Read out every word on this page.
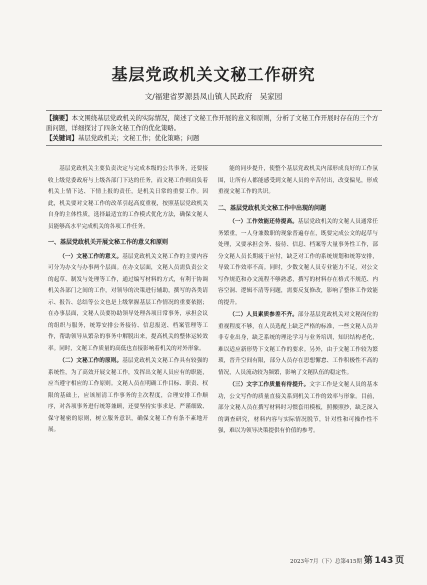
基层党政机关文秘工作研究
文/福建省罗源县凤山镇人民政府　吴家园
【摘要】本文围绕基层党政机关的实际情况，简述了文秘工作开展的意义和原则，分析了文秘工作开展时存在的三个方面问题，详细探讨了四条文秘工作的优化策略。
【关键词】基层党政机关；文秘工作；优化策略；问题

基层党政机关主要负责决定与完成本级的公共事务，还要接收上级党委政府与上级各部门下达的任务，而文秘工作则肩负着机关上情下达、下情上报的责任，是机关日常的重要工作。因此，机关要对文秘工作的改革引起高度重视，按照基层党政机关自身的主体性质，选择最适宜的工作模式优化方法，确保文秘人员能够高水平完成机关的各项工作任务。

一、基层党政机关开展文秘工作的意义和原则

（一）文秘工作的意义。基层党政机关文秘工作的主要内容可分为办文与办事两个层面。在办文层面，文秘人员需负责公文的起草、制发与处理等工作，通过编写材料的方式，有利于协调机关各部门之间的工作，对领导的决策进行辅助，撰写的各类请示、报告、总结等公文也是上级掌握基层工作情况的重要依据；在办事层面，文秘人员要协助领导处理各项日常事务，承担会议的组织与服务，统筹安排公务接待、信息报送、档案管理等工作，帮助领导从繁杂的事务中解脱出来，提高机关的整体运转效率。同时，文秘工作质量的高低也直接影响着机关的对外形象。

（二）文秘工作的原则。基层党政机关文秘工作具有较强的系统性，为了高效开展文秘工作，发挥出文秘人员应有的职能，应当遵守相应的工作原则。文秘人员在明确工作目标、职责、权限的基础上，应该厘清工作事务的主次程度，合理安排工作顺序，对各项事务进行统筹兼顾，还要坚持实事求是、严谨细致、保守秘密的原则，树立服务意识，确保文秘工作有条不紊地开展。

能的同步提升，使整个基层党政机关内部形成良好的工作氛围，让所有人都能感受到文秘人员的辛苦付出，改变偏见，形成重视文秘工作的共识。

二、基层党政机关文秘工作中出现的问题

（一）工作效能还待提高。基层党政机关的文秘人员通常任务繁重，一人身兼数职的现象普遍存在，既要完成公文的起草与处理，又要承担会务、接待、信息、档案等大量事务性工作，部分文秘人员长期疲于应付，缺乏对工作的系统规划和统筹安排，导致工作效率不高。同时，少数文秘人员专业能力不足，对公文写作规范和办文流程不够熟悉，撰写的材料存在格式不规范、内容空洞、逻辑不清等问题，需要反复修改，影响了整体工作效能的提升。

（二）人员素质参差不齐。部分基层党政机关对文秘岗位的重视程度不够，在人员选配上缺乏严格的标准，一些文秘人员并非专业出身，缺乏系统的理论学习与业务培训，知识结构老化，难以适应新形势下文秘工作的要求。另外，由于文秘工作较为繁琐，晋升空间有限，部分人员存在思想懈怠、工作积极性不高的情况，人员流动较为频繁，影响了文秘队伍的稳定性。

（三）文字工作质量有待提升。文字工作是文秘人员的基本功，公文写作的质量直接关系到机关工作的效率与形象。目前，部分文秘人员在撰写材料时习惯套用模板，照搬照抄，缺乏深入的调查研究，材料内容与实际情况脱节，针对性和可操作性不强，难以为领导决策提供有价值的参考。

2023年7月（下）总第415期 第 143 页
